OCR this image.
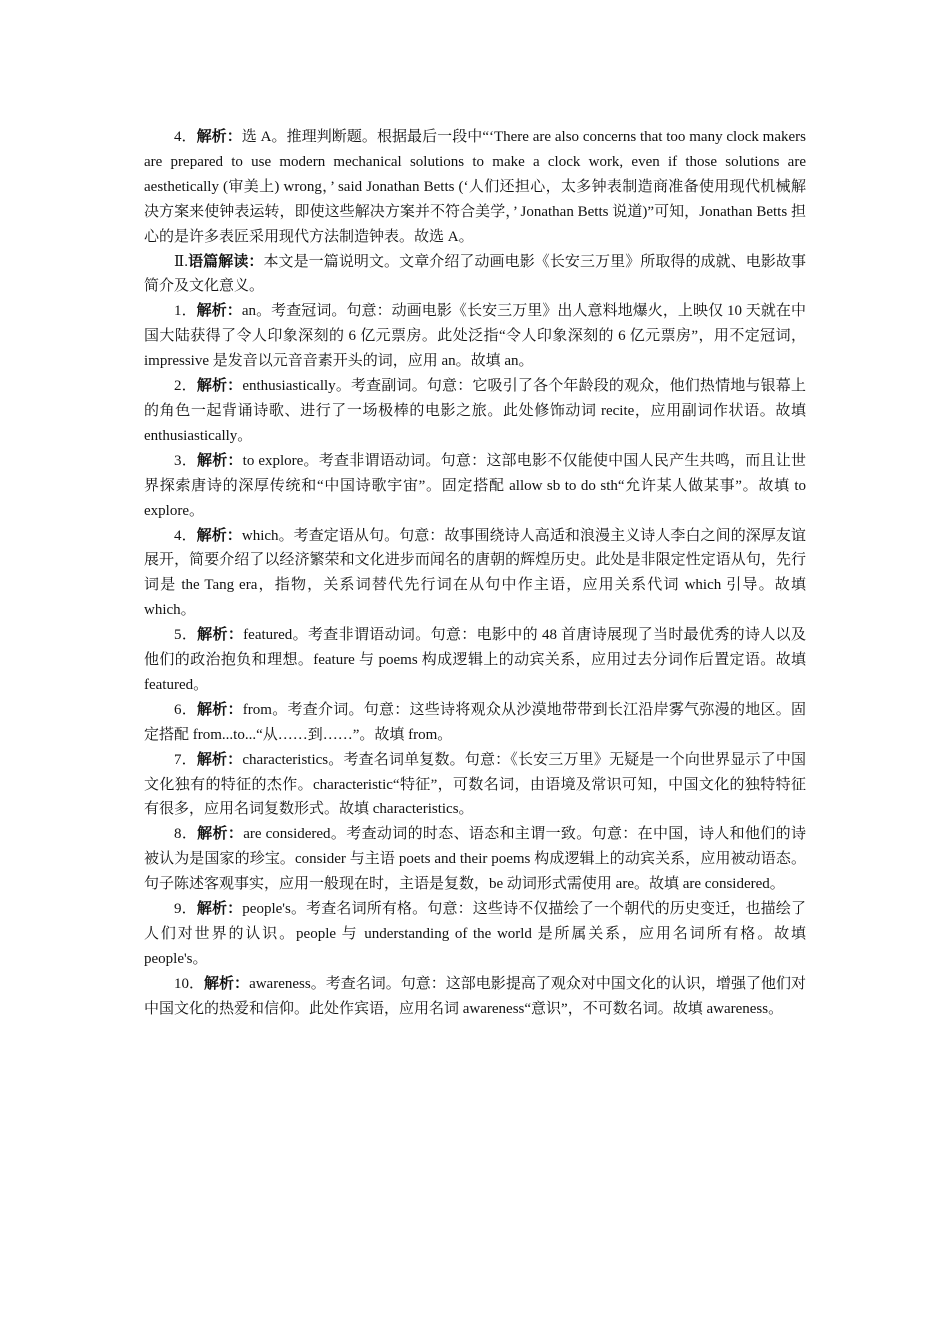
4．解析：选 A。推理判断题。根据最后一段中“‘There are also concerns that too many clock makers are prepared to use modern mechanical solutions to make a clock work, even if those solutions are aesthetically (审美上) wrong，’ said Jonathan Betts (‘人们还担心，太多钟表制造商准备使用现代机械解决方案来使钟表运转，即使这些解决方案并不符合美学，’ Jonathan Betts 说道)”可知，Jonathan Betts 担心的是许多表匠采用现代方法制造钟表。故选 A。

Ⅱ.语篇解读：本文是一篇说明文。文章介绍了动画电影《长安三万里》所取得的成就、电影故事简介及文化意义。

1．解析：an。考查冠词。句意：动画电影《长安三万里》出人意料地爆火，上映仅 10 天就在中国大陆获得了令人印象深刻的 6 亿元票房。此处泛指“令人印象深刻的 6 亿元票房”，用不定冠词，impressive 是发音以元音音素开头的词，应用 an。故填 an。

2．解析：enthusiastically。考查副词。句意：它吸引了各个年龄段的观众，他们热情地与银幕上的角色一起背诵诗歌、进行了一场极棒的电影之旅。此处修饰动词 recite，应用副词作状语。故填 enthusiastically。

3．解析：to explore。考查非谓语动词。句意：这部电影不仅能使中国人民产生共鸣，而且让世界探索唐诗的深厚传统和“中国诗歌宇宙”。固定搭配 allow sb to do sth“允许某人做某事”。故填 to explore。

4．解析：which。考查定语从句。句意：故事围绕诗人高适和浪漫主义诗人李白之间的深厚友谊展开，简要介绍了以经济繁荣和文化进步而闻名的唐朝的辉煌历史。此处是非限定性定语从句，先行词是 the Tang era，指物，关系词替代先行词在从句中作主语，应用关系代词 which 引导。故填 which。

5．解析：featured。考查非谓语动词。句意：电影中的 48 首唐诗展现了当时最优秀的诗人以及他们的政治抱负和理想。feature 与 poems 构成逻辑上的动宾关系，应用过去分词作后置定语。故填 featured。

6．解析：from。考查介词。句意：这些诗将观众从沙漠地带带到长江沿岸雾气弥漫的地区。固定搭配 from...to...“从……到……”。故填 from。

7．解析：characteristics。考查名词单复数。句意：《长安三万里》无疑是一个向世界显示了中国文化独有的特征的杰作。characteristic“特征”，可数名词，由语境及常识可知，中国文化的独特特征有很多，应用名词复数形式。故填 characteristics。

8．解析：are considered。考查动词的时态、语态和主谓一致。句意：在中国，诗人和他们的诗被认为是国家的珍宝。consider 与主语 poets and their poems 构成逻辑上的动宾关系，应用被动语态。句子陈述客观事实，应用一般现在时，主语是复数，be 动词形式需使用 are。故填 are considered。

9．解析：people's。考查名词所有格。句意：这些诗不仅描绘了一个朝代的历史变迁，也描绘了人们对世界的认识。people 与 understanding of the world 是所属关系，应用名词所有格。故填 people's。

10．解析：awareness。考查名词。句意：这部电影提高了观众对中国文化的认识，增强了他们对中国文化的热爱和信仰。此处作宾语，应用名词 awareness“意识”，不可数名词。故填 awareness。
